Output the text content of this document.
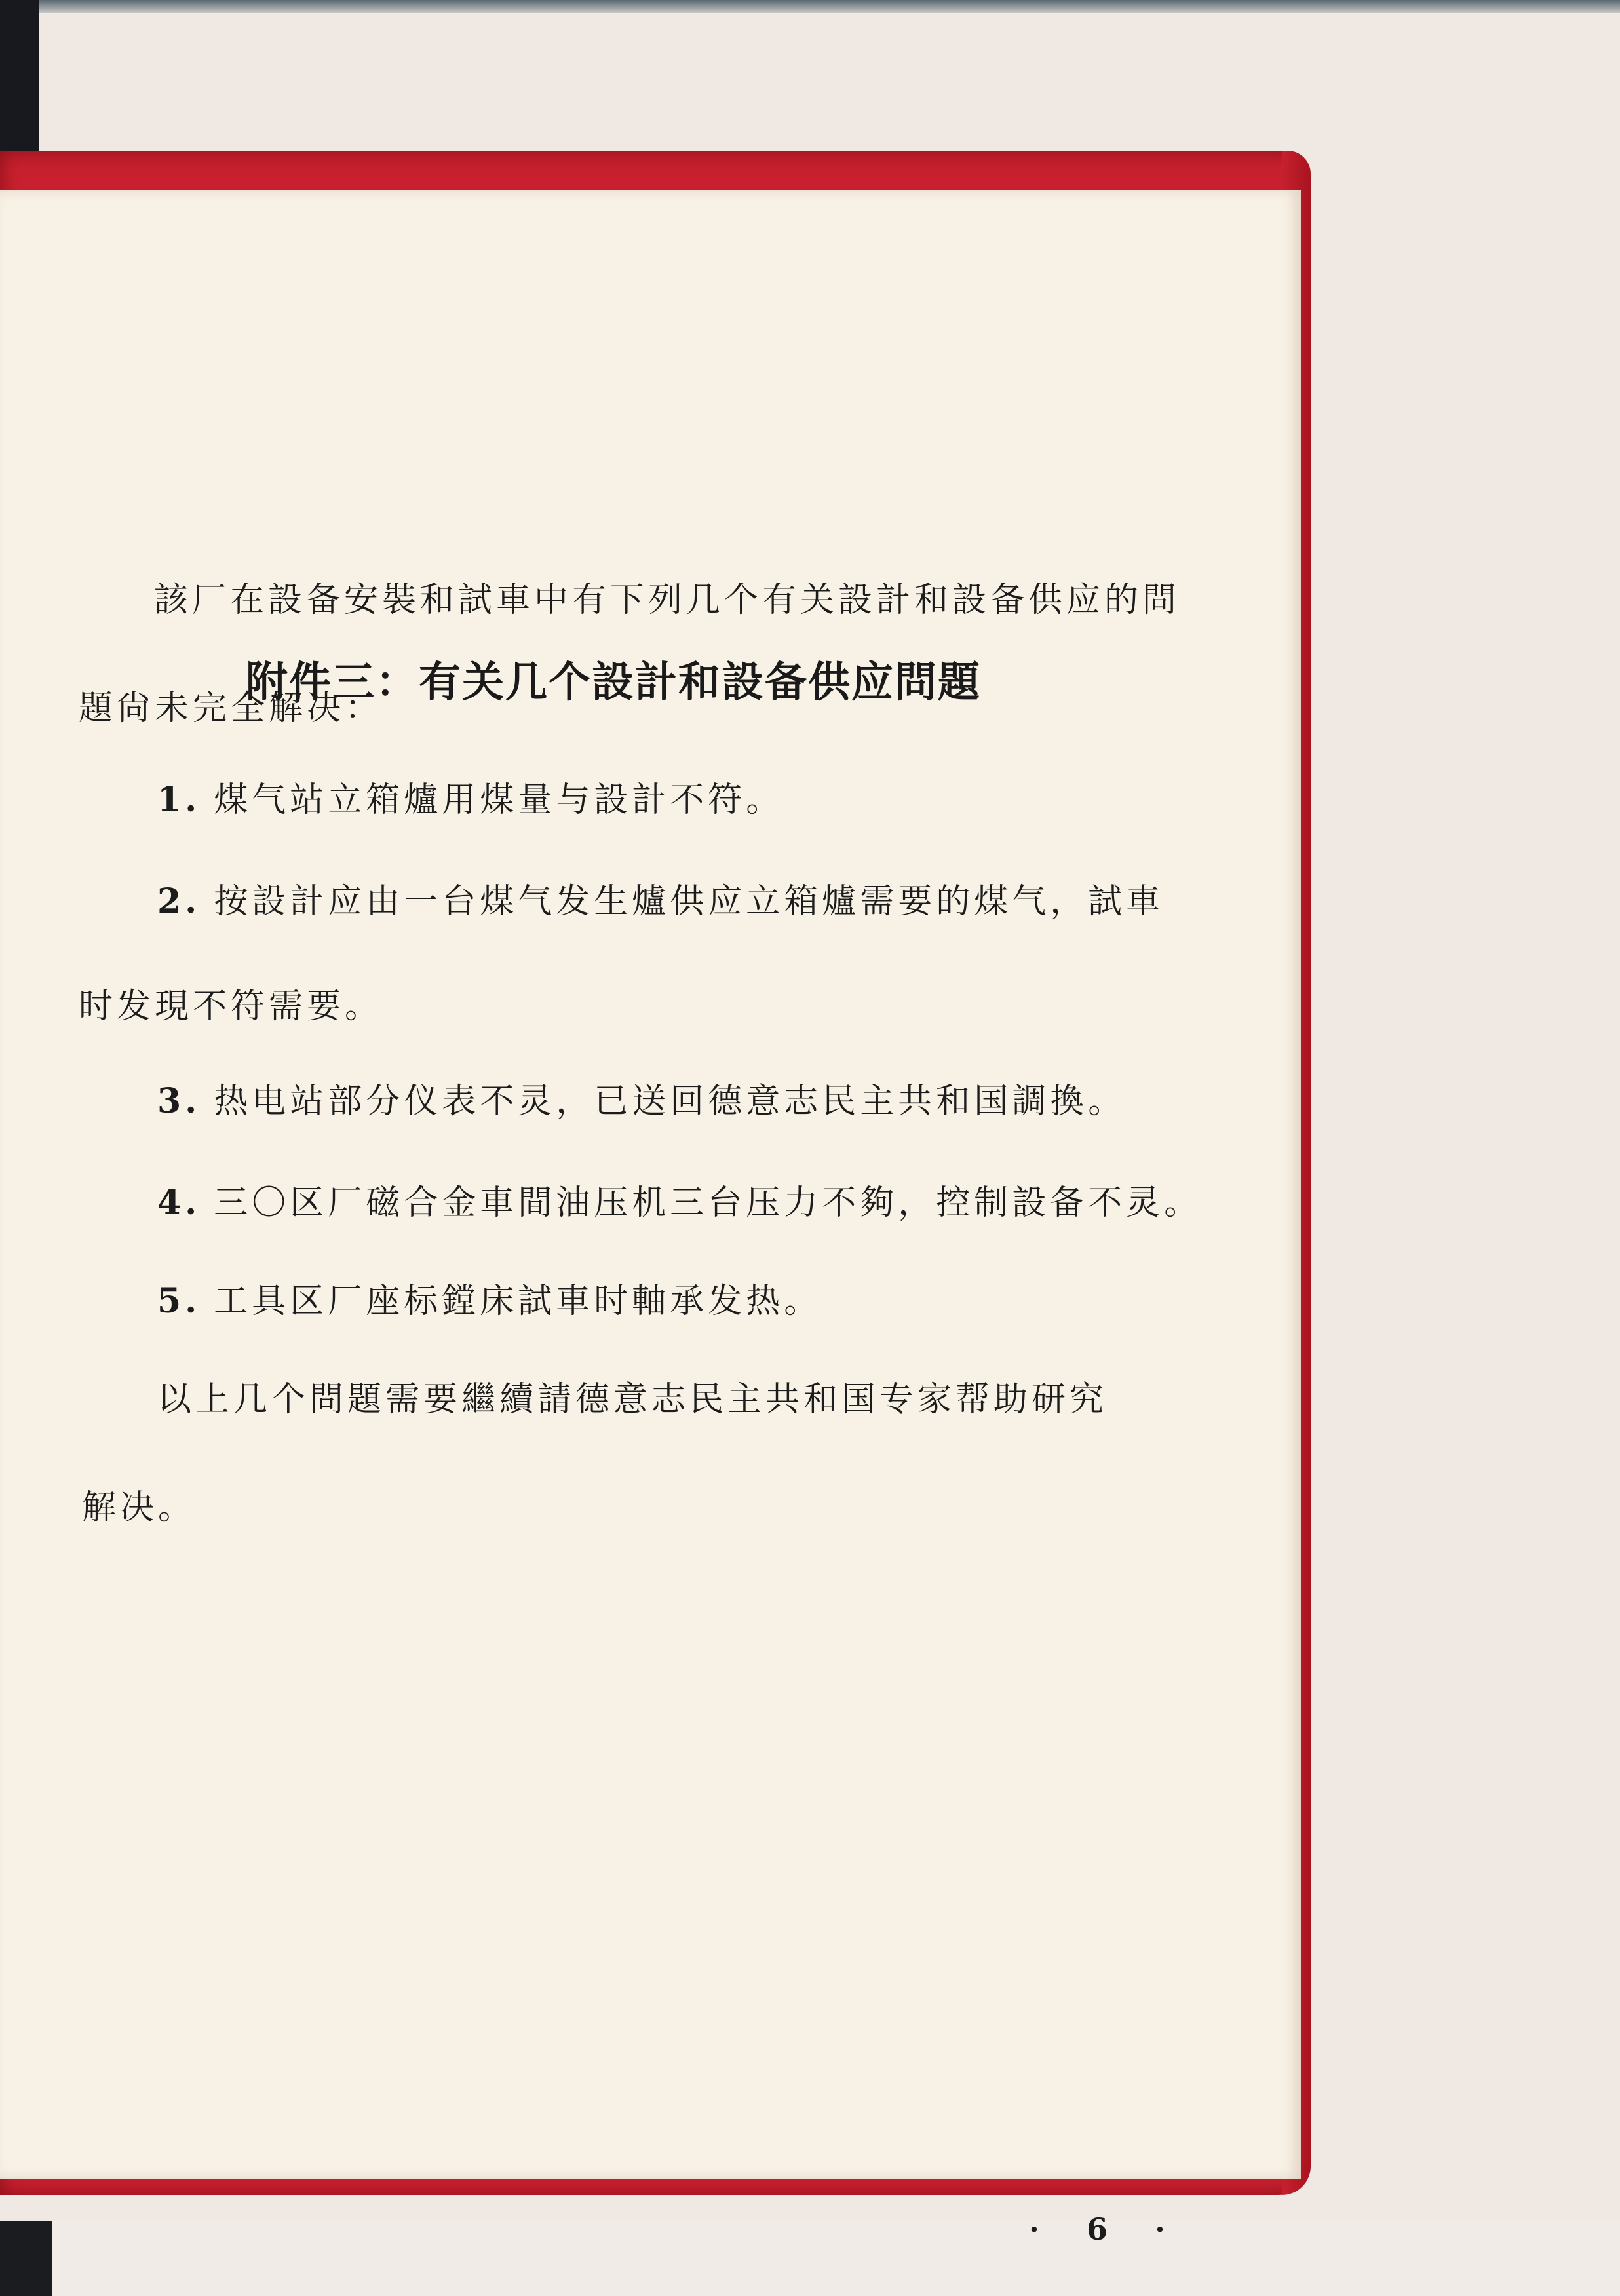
附件三：有关几个設計和設备供应問題
該厂在設备安裝和試車中有下列几个有关設計和設备供应的問
題尙未完全解决：
1. 煤气站立箱爐用煤量与設計不符。
2. 按設計应由一台煤气发生爐供应立箱爐需要的煤气，試車
时发現不符需要。
3. 热电站部分仪表不灵，已送回德意志民主共和国調換。
4. 三〇区厂磁合金車間油压机三台压力不夠，控制設备不灵。
5. 工具区厂座标鏜床試車时軸承发热。
以上几个問題需要繼續請德意志民主共和国专家帮助研究
解决。
· 6 ·
